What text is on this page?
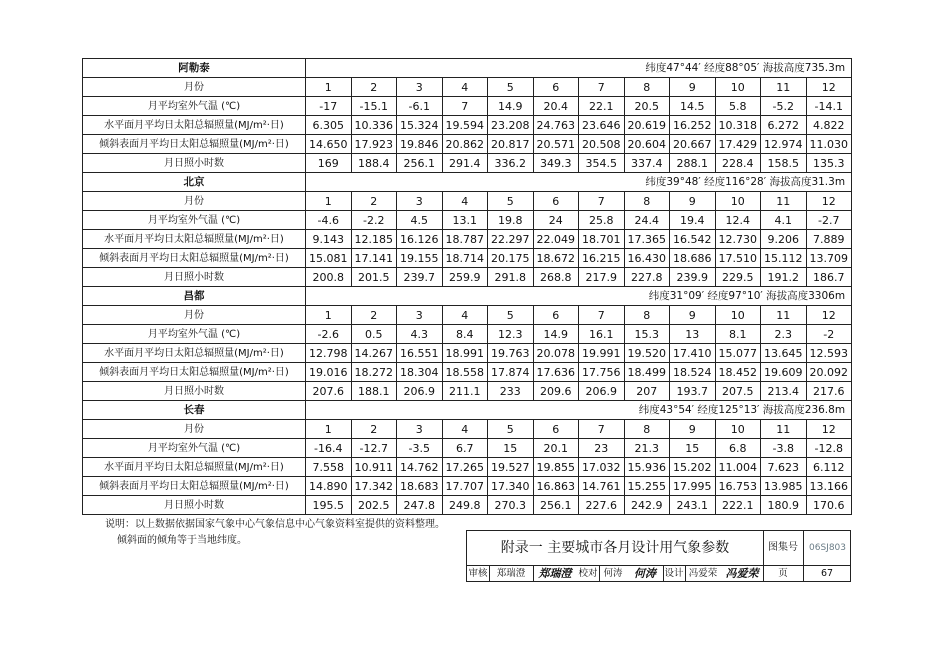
阿勒泰	纬度47°44′ 经度88°05′ 海拔高度735.3m											
月份	1	2	3	4	5	6	7	8	9	10	11	12
月平均室外气温 (℃)	-17	-15.1	-6.1	7	14.9	20.4	22.1	20.5	14.5	5.8	-5.2	-14.1
水平面月平均日太阳总辐照量(MJ/m²·日)	6.305	10.336	15.324	19.594	23.208	24.763	23.646	20.619	16.252	10.318	6.272	4.822
倾斜表面月平均日太阳总辐照量(MJ/m²·日)	14.650	17.923	19.846	20.862	20.817	20.571	20.508	20.604	20.667	17.429	12.974	11.030
月日照小时数	169	188.4	256.1	291.4	336.2	349.3	354.5	337.4	288.1	228.4	158.5	135.3
北京	纬度39°48′ 经度116°28′ 海拔高度31.3m											
月份	1	2	3	4	5	6	7	8	9	10	11	12
月平均室外气温 (℃)	-4.6	-2.2	4.5	13.1	19.8	24	25.8	24.4	19.4	12.4	4.1	-2.7
水平面月平均日太阳总辐照量(MJ/m²·日)	9.143	12.185	16.126	18.787	22.297	22.049	18.701	17.365	16.542	12.730	9.206	7.889
倾斜表面月平均日太阳总辐照量(MJ/m²·日)	15.081	17.141	19.155	18.714	20.175	18.672	16.215	16.430	18.686	17.510	15.112	13.709
月日照小时数	200.8	201.5	239.7	259.9	291.8	268.8	217.9	227.8	239.9	229.5	191.2	186.7
昌都	纬度31°09′ 经度97°10′ 海拔高度3306m											
月份	1	2	3	4	5	6	7	8	9	10	11	12
月平均室外气温 (℃)	-2.6	0.5	4.3	8.4	12.3	14.9	16.1	15.3	13	8.1	2.3	-2
水平面月平均日太阳总辐照量(MJ/m²·日)	12.798	14.267	16.551	18.991	19.763	20.078	19.991	19.520	17.410	15.077	13.645	12.593
倾斜表面月平均日太阳总辐照量(MJ/m²·日)	19.016	18.272	18.304	18.558	17.874	17.636	17.756	18.499	18.524	18.452	19.609	20.092
月日照小时数	207.6	188.1	206.9	211.1	233	209.6	206.9	207	193.7	207.5	213.4	217.6
长春	纬度43°54′ 经度125°13′ 海拔高度236.8m											
月份	1	2	3	4	5	6	7	8	9	10	11	12
月平均室外气温 (℃)	-16.4	-12.7	-3.5	6.7	15	20.1	23	21.3	15	6.8	-3.8	-12.8
水平面月平均日太阳总辐照量(MJ/m²·日)	7.558	10.911	14.762	17.265	19.527	19.855	17.032	15.936	15.202	11.004	7.623	6.112
倾斜表面月平均日太阳总辐照量(MJ/m²·日)	14.890	17.342	18.683	17.707	17.340	16.863	14.761	15.255	17.995	16.753	13.985	13.166
月日照小时数	195.5	202.5	247.8	249.8	270.3	256.1	227.6	242.9	243.1	222.1	180.9	170.6
说明：以上数据依据国家气象中心气象信息中心气象资料室提供的资料整理。
倾斜面的倾角等于当地纬度。	附录一 主要城市各月设计用气象参数	图集号	06SJ803
审核 郑瑞澄	郑瑞澄 校对 何涛	何涛 设计 冯爱荣 冯爱荣	页	67
